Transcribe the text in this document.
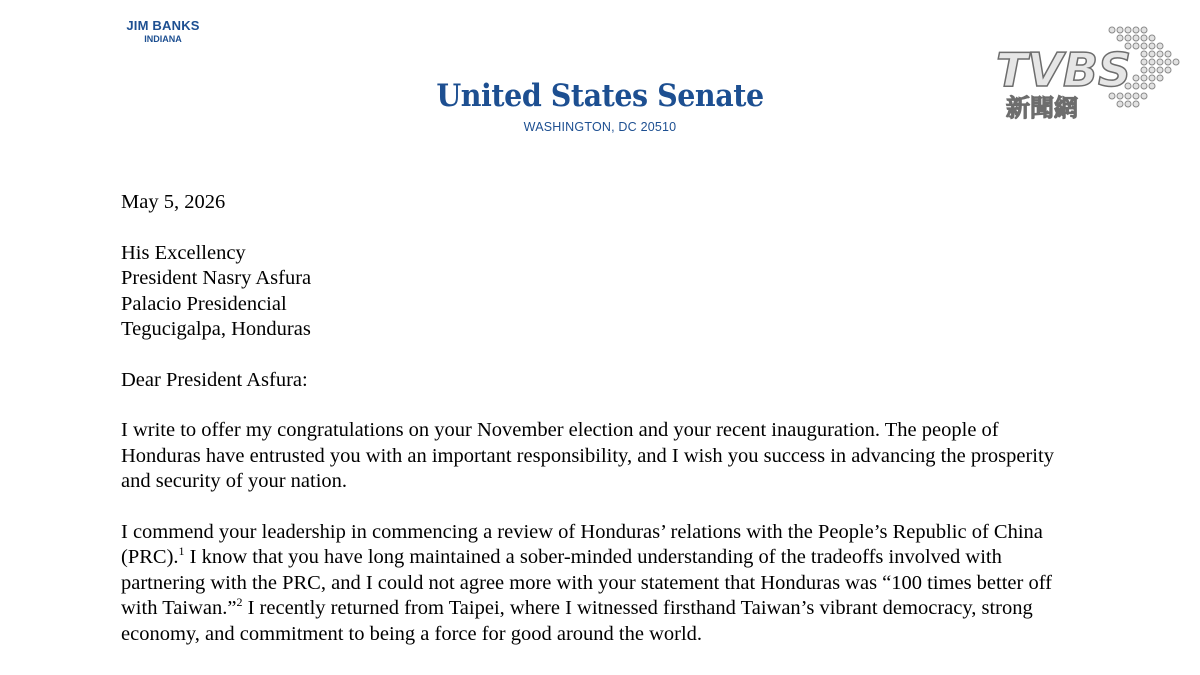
JIM BANKS
INDIANA
United States Senate
WASHINGTON, DC 20510
TVBS
新聞網

May 5, 2026

His Excellency

President Nasry Asfura

Palacio Presidencial

Tegucigalpa, Honduras

Dear President Asfura:

I write to offer my congratulations on your November election and your recent inauguration. The people of Honduras have entrusted you with an important responsibility, and I wish you success in advancing the prosperity and security of your nation.

I commend your leadership in commencing a review of Honduras’ relations with the People’s Republic of China (PRC).$^1$ I know that you have long maintained a sober-minded understanding of the tradeoffs involved with partnering with the PRC, and I could not agree more with your statement that Honduras was “100 times better off with Taiwan.”$^2$ I recently returned from Taipei, where I witnessed firsthand Taiwan’s vibrant democracy, strong economy, and commitment to being a force for good around the world.
